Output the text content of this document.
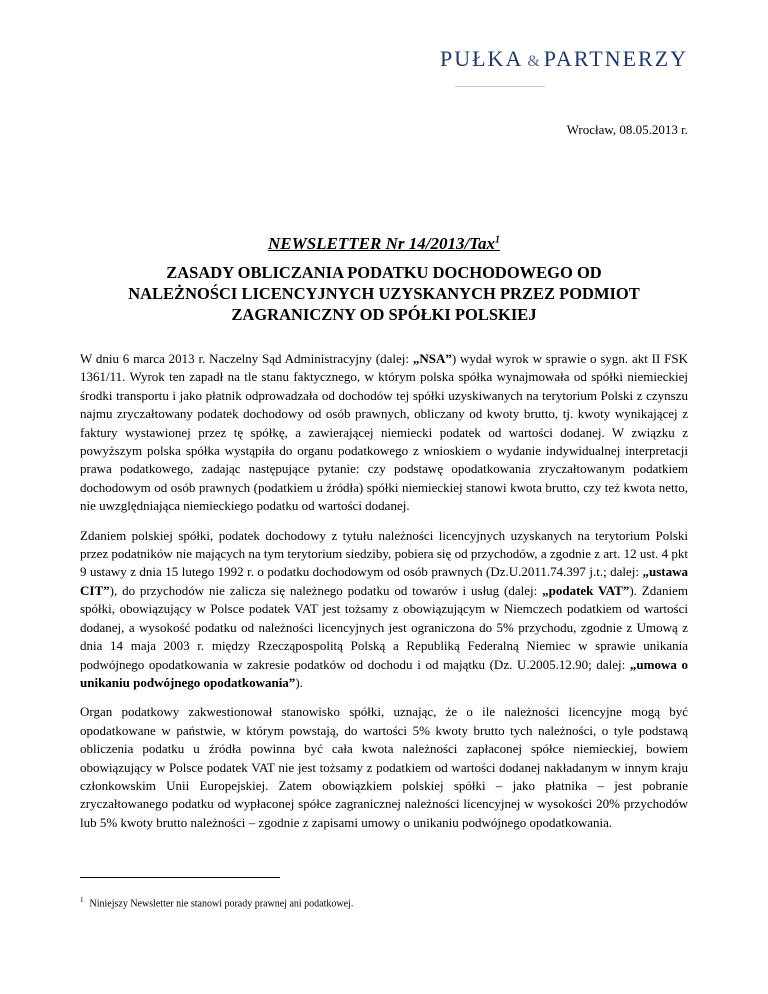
PUŁKA & PARTNERZY
Wrocław, 08.05.2013 r.
NEWSLETTER Nr 14/2013/Tax$^1$
ZASADY OBLICZANIA PODATKU DOCHODOWEGO OD NALEŻNOŚCI LICENCYJNYCH UZYSKANYCH PRZEZ PODMIOT ZAGRANICZNY OD SPÓŁKI POLSKIEJ

W dniu 6 marca 2013 r. Naczelny Sąd Administracyjny (dalej: „NSA”) wydał wyrok w sprawie o sygn. akt II FSK 1361/11. Wyrok ten zapadł na tle stanu faktycznego, w którym polska spółka wynajmowała od spółki niemieckiej środki transportu i jako płatnik odprowadzała od dochodów tej spółki uzyskiwanych na terytorium Polski z czynszu najmu zryczałtowany podatek dochodowy od osób prawnych, obliczany od kwoty brutto, tj. kwoty wynikającej z faktury wystawionej przez tę spółkę, a zawierającej niemiecki podatek od wartości dodanej. W związku z powyższym polska spółka wystąpiła do organu podatkowego z wnioskiem o wydanie indywidualnej interpretacji prawa podatkowego, zadając następujące pytanie: czy podstawę opodatkowania zryczałtowanym podatkiem dochodowym od osób prawnych (podatkiem u źródła) spółki niemieckiej stanowi kwota brutto, czy też kwota netto, nie uwzględniająca niemieckiego podatku od wartości dodanej.

Zdaniem polskiej spółki, podatek dochodowy z tytułu należności licencyjnych uzyskanych na terytorium Polski przez podatników nie mających na tym terytorium siedziby, pobiera się od przychodów, a zgodnie z art. 12 ust. 4 pkt 9 ustawy z dnia 15 lutego 1992 r. o podatku dochodowym od osób prawnych (Dz.U.2011.74.397 j.t.; dalej: „ustawa CIT”), do przychodów nie zalicza się należnego podatku od towarów i usług (dalej: „podatek VAT”). Zdaniem spółki, obowiązujący w Polsce podatek VAT jest tożsamy z obowiązującym w Niemczech podatkiem od wartości dodanej, a wysokość podatku od należności licencyjnych jest ograniczona do 5% przychodu, zgodnie z Umową z dnia 14 maja 2003 r. między Rzecząpospolitą Polską a Republiką Federalną Niemiec w sprawie unikania podwójnego opodatkowania w zakresie podatków od dochodu i od majątku (Dz. U.2005.12.90; dalej: „umowa o unikaniu podwójnego opodatkowania”).

Organ podatkowy zakwestionował stanowisko spółki, uznając, że o ile należności licencyjne mogą być opodatkowane w państwie, w którym powstają, do wartości 5% kwoty brutto tych należności, o tyle podstawą obliczenia podatku u źródła powinna być cała kwota należności zapłaconej spółce niemieckiej, bowiem obowiązujący w Polsce podatek VAT nie jest tożsamy z podatkiem od wartości dodanej nakładanym w innym kraju członkowskim Unii Europejskiej. Zatem obowiązkiem polskiej spółki – jako płatnika – jest pobranie zryczałtowanego podatku od wypłaconej spółce zagranicznej należności licencyjnej w wysokości 20% przychodów lub 5% kwoty brutto należności – zgodnie z zapisami umowy o unikaniu podwójnego opodatkowania.

$^1$ Niniejszy Newsletter nie stanowi porady prawnej ani podatkowej.
